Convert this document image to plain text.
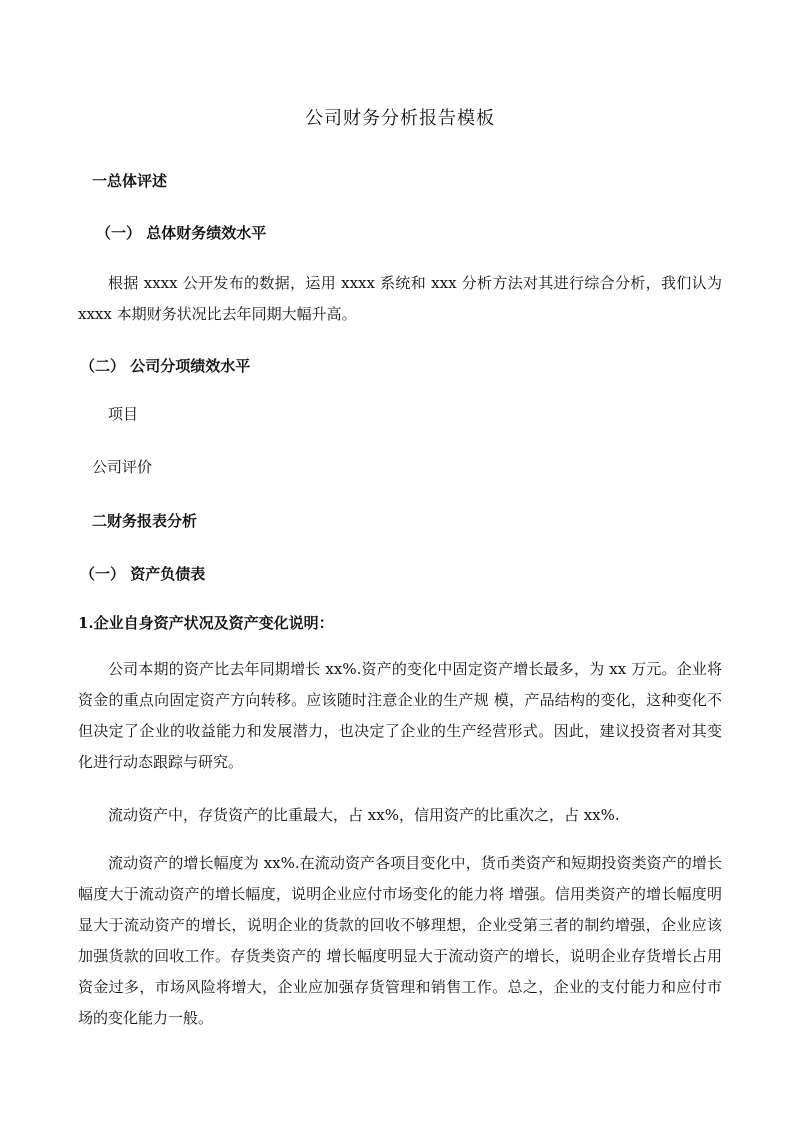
公司财务分析报告模板
一总体评述
（一） 总体财务绩效水平

根据 xxxx 公开发布的数据，运用 xxxx 系统和 xxx 分析方法对其进行综合分析，我们认为 xxxx 本期财务状况比去年同期大幅升高。

（二） 公司分项绩效水平
项目
公司评价
二财务报表分析
（一） 资产负债表
1.企业自身资产状况及资产变化说明：

公司本期的资产比去年同期增长 xx%.资产的变化中固定资产增长最多，为 xx 万元。企业将资金的重点向固定资产方向转移。应该随时注意企业的生产规 模，产品结构的变化，这种变化不但决定了企业的收益能力和发展潜力，也决定了企业的生产经营形式。因此，建议投资者对其变化进行动态跟踪与研究。

流动资产中，存货资产的比重最大，占 xx%，信用资产的比重次之，占 xx%.

流动资产的增长幅度为 xx%.在流动资产各项目变化中，货币类资产和短期投资类资产的增长幅度大于流动资产的增长幅度，说明企业应付市场变化的能力将 增强。信用类资产的增长幅度明显大于流动资产的增长，说明企业的货款的回收不够理想，企业受第三者的制约增强，企业应该加强货款的回收工作。存货类资产的 增长幅度明显大于流动资产的增长，说明企业存货增长占用资金过多，市场风险将增大，企业应加强存货管理和销售工作。总之，企业的支付能力和应付市场的变化能力一般。
